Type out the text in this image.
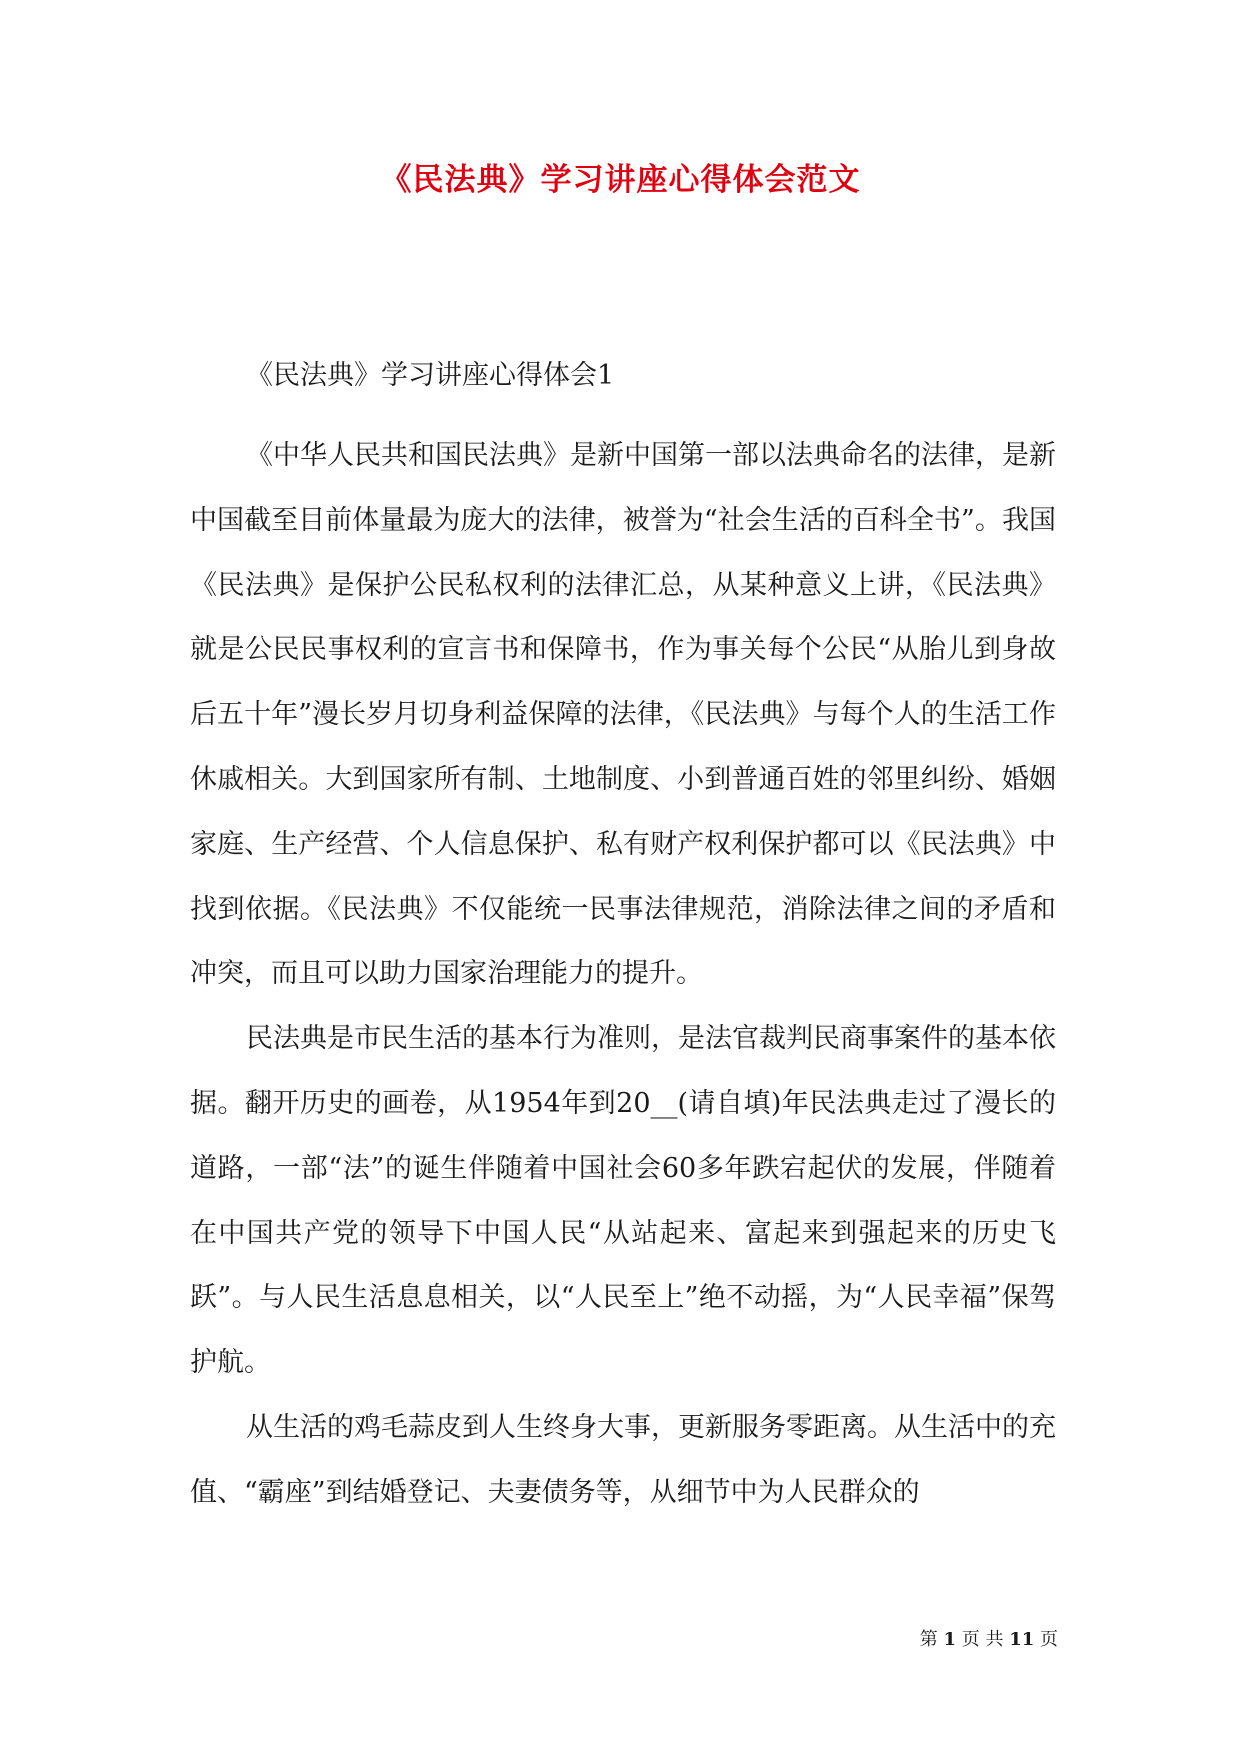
《民法典》学习讲座心得体会范文

《民法典》学习讲座心得体会1

《中华人民共和国民法典》是新中国第一部以法典命名的法律，是新中国截至目前体量最为庞大的法律，被誉为“社会生活的百科全书”。我国《民法典》是保护公民私权利的法律汇总，从某种意义上讲，《民法典》就是公民民事权利的宣言书和保障书，作为事关每个公民“从胎儿到身故后五十年”漫长岁月切身利益保障的法律，《民法典》与每个人的生活工作休戚相关。大到国家所有制、土地制度、小到普通百姓的邻里纠纷、婚姻家庭、生产经营、个人信息保护、私有财产权利保护都可以《民法典》中找到依据。《民法典》不仅能统一民事法律规范，消除法律之间的矛盾和冲突，而且可以助力国家治理能力的提升。

民法典是市民生活的基本行为准则，是法官裁判民商事案件的基本依据。翻开历史的画卷，从1954年到20__(请自填)年民法典走过了漫长的道路，一部“法”的诞生伴随着中国社会60多年跌宕起伏的发展，伴随着在中国共产党的领导下中国人民“从站起来、富起来到强起来的历史飞跃”。与人民生活息息相关，以“人民至上”绝不动摇，为“人民幸福”保驾护航。

从生活的鸡毛蒜皮到人生终身大事，更新服务零距离。从生活中的充值、“霸座”到结婚登记、夫妻债务等，从细节中为人民群众的

第 1 页 共 11 页
